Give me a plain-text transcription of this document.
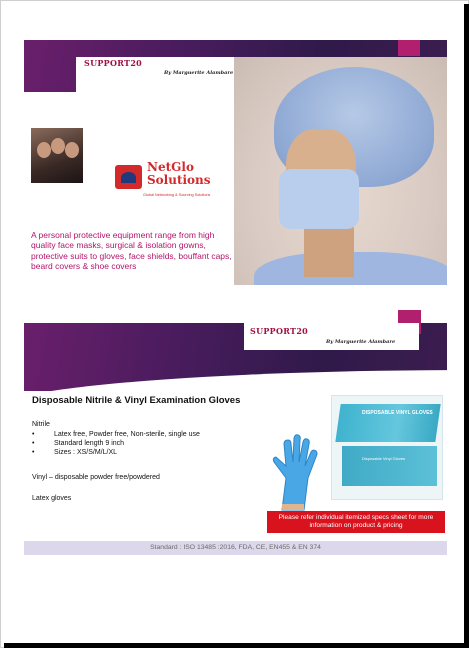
SUPPORT20
By Marguerite Alambare
NetGlo
Solutions
Global Networking & Sourcing Solutions
A personal protective equipment range from high quality face masks, surgical & isolation gowns, protective suits to gloves, face shields, bouffant caps, beard covers & shoe covers
SUPPORT20
By Marguerite Alambare
Disposable Nitrile & Vinyl Examination Gloves
Nitrile
• Latex free, Powder free, Non-sterile, single use
• Standard length 9 inch
• Sizes : XS/S/M/L/XL
Vinyl – disposable powder free/powdered
Latex gloves
DISPOSABLE VINYL GLOVES
Disposable Vinyl Gloves
Please refer individual itemized specs sheet for more information on product & pricing
Standard : ISO 13485 :2016, FDA, CE, EN455 & EN 374
